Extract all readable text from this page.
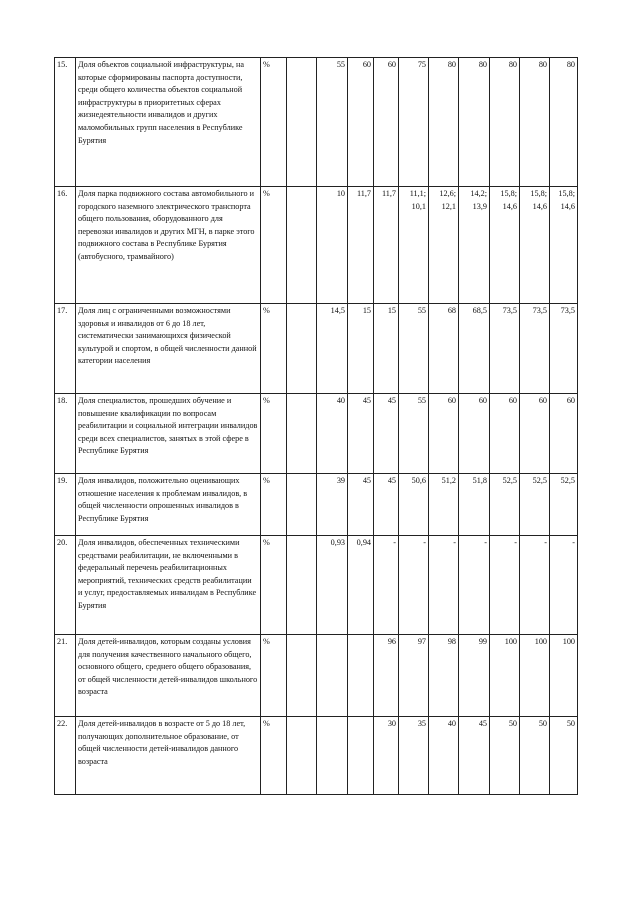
15.	Доля объектов социальной инфраструктуры, на которые сформированы паспорта доступности, среди общего количества объектов социальной инфраструктуры в приоритетных сферах жизнедеятельности инвалидов и других маломобильных групп населения в Республике Бурятия	%		55	60	60	75	80	80	80	80	80
16.	Доля парка подвижного состава автомобильного и городского наземного электрического транспорта общего пользования, оборудованного для перевозки инвалидов и других МГН, в парке этого подвижного состава в Республике Бурятия (автобусного, трамвайного)	%		10	11,7	11,7	11,1; 10,1	12,6; 12,1	14,2; 13,9	15,8; 14,6	15,8; 14,6	15,8; 14,6
17.	Доля лиц с ограниченными возможностями здоровья и инвалидов от 6 до 18 лет, систематически занимающихся физической культурой и спортом, в общей численности данной категории населения	%		14,5	15	15	55	68	68,5	73,5	73,5	73,5
18.	Доля специалистов, прошедших обучение и повышение квалификации по вопросам реабилитации и социальной интеграции инвалидов среди всех специалистов, занятых в этой сфере в Республике Бурятия	%		40	45	45	55	60	60	60	60	60
19.	Доля инвалидов, положительно оценивающих отношение населения к проблемам инвалидов, в общей численности опрошенных инвалидов в Республике Бурятия	%		39	45	45	50,6	51,2	51,8	52,5	52,5	52,5
20.	Доля инвалидов, обеспеченных техническими средствами реабилитации, не включенными в федеральный перечень реабилитационных мероприятий, технических средств реабилитации и услуг, предоставляемых инвалидам в Республике Бурятия	%		0,93	0,94	-	-	-	-	-	-	-
21.	Доля детей-инвалидов, которым созданы условия для получения качественного начального общего, основного общего, среднего общего образования, от общей численности детей-инвалидов школьного возраста	%				96	97	98	99	100	100	100
22.	Доля детей-инвалидов в возрасте от 5 до 18 лет, получающих дополнительное образование, от общей численности детей-инвалидов данного возраста	%				30	35	40	45	50	50	50
